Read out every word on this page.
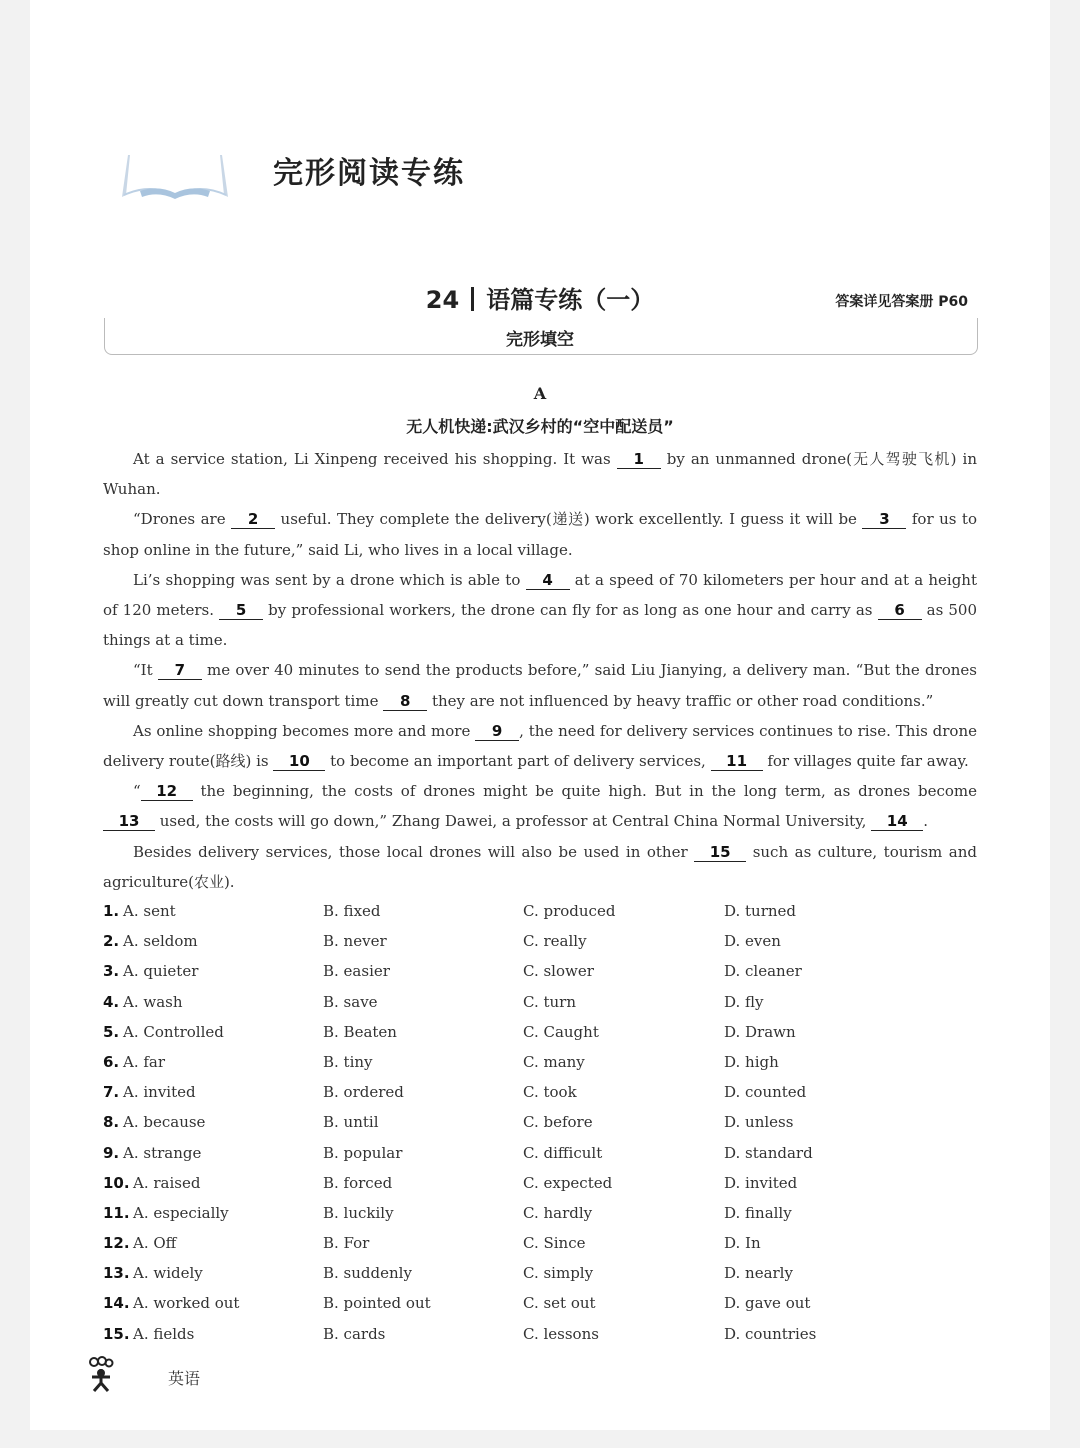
完形阅读专练
24 语篇专练（一）	答案详见答案册 P60
完形填空
A
无人机快递:武汉乡村的“空中配送员”

At a service station, Li Xinpeng received his shopping. It was 1 by an unmanned drone(无人驾驶飞机) in Wuhan.

“Drones are 2 useful. They complete the delivery(递送) work excellently. I guess it will be 3 for us to shop online in the future,” said Li, who lives in a local village.

Li’s shopping was sent by a drone which is able to 4 at a speed of 70 kilometers per hour and at a height of 120 meters. 5 by professional workers, the drone can fly for as long as one hour and carry as 6 as 500 things at a time.

“It 7 me over 40 minutes to send the products before,” said Liu Jianying, a delivery man. “But the drones will greatly cut down transport time 8 they are not influenced by heavy traffic or other road conditions.”

As online shopping becomes more and more 9 , the need for delivery services continues to rise. This drone delivery route(路线) is 10 to become an important part of delivery services, 11 for villages quite far away.

“ 12 the beginning, the costs of drones might be quite high. But in the long term, as drones become 13 used, the costs will go down,” Zhang Dawei, a professor at Central China Normal University, 14 .

Besides delivery services, those local drones will also be used in other 15 such as culture, tourism and agriculture(农业).

1. A. sent	B. fixed	C. produced	D. turned
2. A. seldom	B. never	C. really	D. even
3. A. quieter	B. easier	C. slower	D. cleaner
4. A. wash	B. save	C. turn	D. fly
5. A. Controlled	B. Beaten	C. Caught	D. Drawn
6. A. far	B. tiny	C. many	D. high
7. A. invited	B. ordered	C. took	D. counted
8. A. because	B. until	C. before	D. unless
9. A. strange	B. popular	C. difficult	D. standard
10. A. raised	B. forced	C. expected	D. invited
11. A. especially	B. luckily	C. hardly	D. finally
12. A. Off	B. For	C. Since	D. In
13. A. widely	B. suddenly	C. simply	D. nearly
14. A. worked out	B. pointed out	C. set out	D. gave out
15. A. fields	B. cards	C. lessons	D. countries
英语
